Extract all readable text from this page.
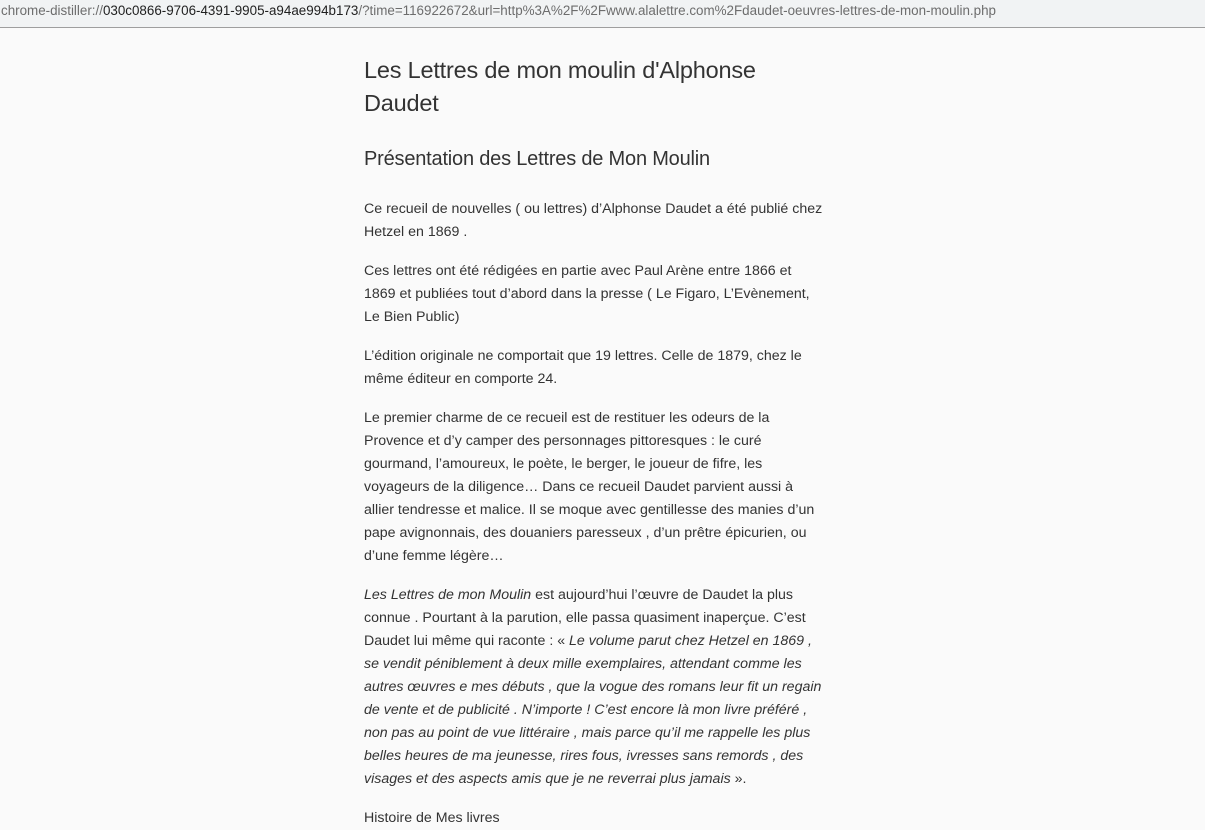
chrome-distiller://030c0866-9706-4391-9905-a94ae994b173/?time=116922672&url=http%3A%2F%2Fwww.alalettre.com%2Fdaudet-oeuvres-lettres-de-mon-moulin.php
Les Lettres de mon moulin d'Alphonse Daudet
Présentation des Lettres de Mon Moulin

Ce recueil de nouvelles ( ou lettres) d’Alphonse Daudet a été publié chez Hetzel en 1869 .

Ces lettres ont été rédigées en partie avec Paul Arène entre 1866 et 1869 et publiées tout d’abord dans la presse ( Le Figaro, L’Evènement, Le Bien Public)

L’édition originale ne comportait que 19 lettres. Celle de 1879, chez le même éditeur en comporte 24.

Le premier charme de ce recueil est de restituer les odeurs de la Provence et d’y camper des personnages pittoresques : le curé gourmand, l’amoureux, le poète, le berger, le joueur de fifre, les voyageurs de la diligence… Dans ce recueil Daudet parvient aussi à allier tendresse et malice. Il se moque avec gentillesse des manies d’un pape avignonnais, des douaniers paresseux , d’un prêtre épicurien, ou d’une femme légère…

Les Lettres de mon Moulin est aujourd’hui l’œuvre de Daudet la plus connue . Pourtant à la parution, elle passa quasiment inaperçue. C’est Daudet lui même qui raconte : « Le volume parut chez Hetzel en 1869 , se vendit péniblement à deux mille exemplaires, attendant comme les autres œuvres e mes débuts , que la vogue des romans leur fit un regain de vente et de publicité . N’importe ! C’est encore là mon livre préféré , non pas au point de vue littéraire , mais parce qu’il me rappelle les plus belles heures de ma jeunesse, rires fous, ivresses sans remords , des visages et des aspects amis que je ne reverrai plus jamais ».

Histoire de Mes livres
